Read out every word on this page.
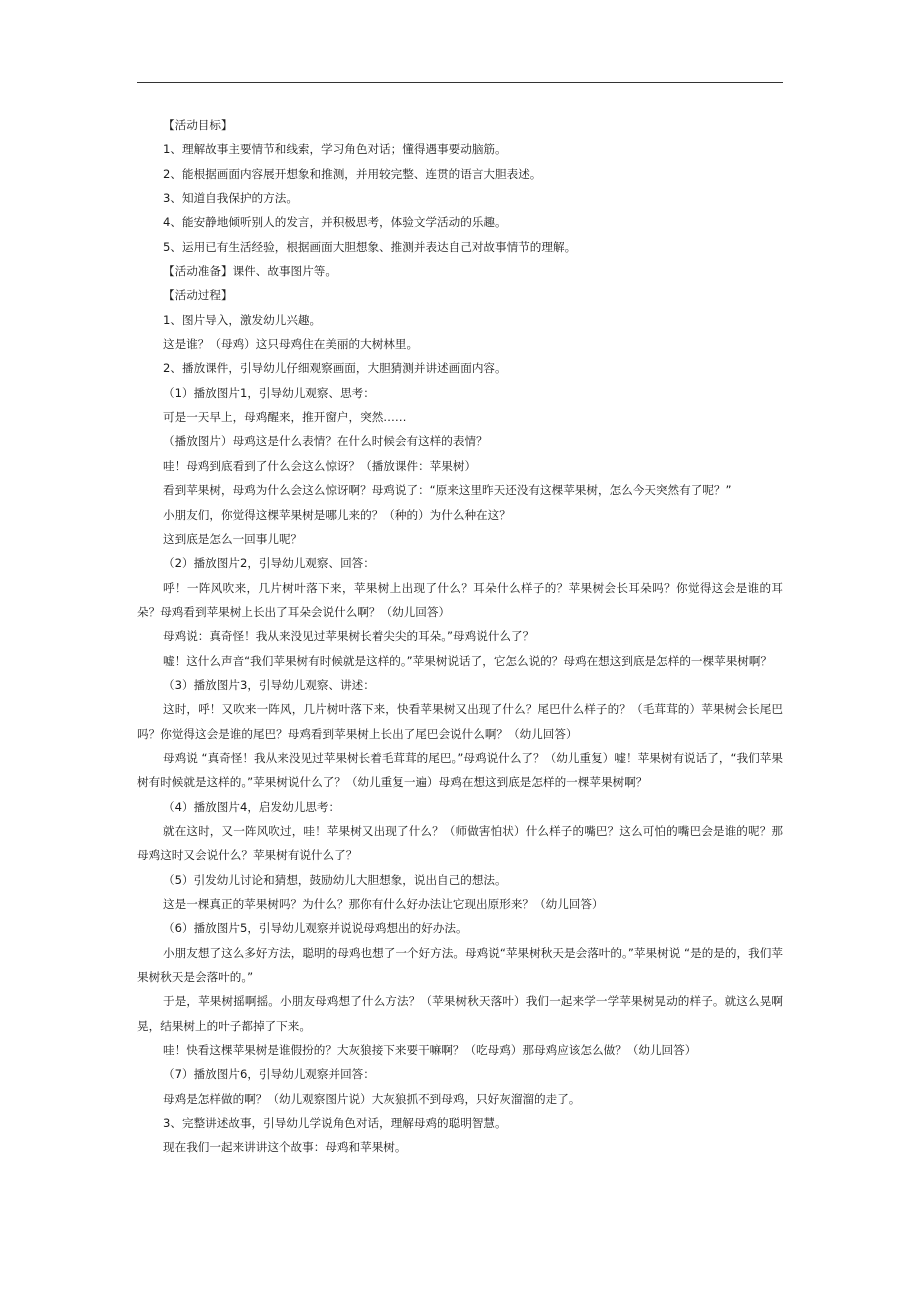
【活动目标】

1、理解故事主要情节和线索，学习角色对话；懂得遇事要动脑筋。

2、能根据画面内容展开想象和推测，并用较完整、连贯的语言大胆表述。

3、知道自我保护的方法。

4、能安静地倾听别人的发言，并积极思考，体验文学活动的乐趣。

5、运用已有生活经验，根据画面大胆想象、推测并表达自己对故事情节的理解。

【活动准备】课件、故事图片等。

【活动过程】

1、图片导入，激发幼儿兴趣。

这是谁？（母鸡）这只母鸡住在美丽的大树林里。

2、播放课件，引导幼儿仔细观察画面，大胆猜测并讲述画面内容。

（1）播放图片1，引导幼儿观察、思考：

可是一天早上，母鸡醒来，推开窗户，突然……

（播放图片）母鸡这是什么表情？在什么时候会有这样的表情？

哇！母鸡到底看到了什么会这么惊讶？（播放课件：苹果树）

看到苹果树，母鸡为什么会这么惊讶啊？母鸡说了：“原来这里昨天还没有这棵苹果树，怎么今天突然有了呢？”

小朋友们，你觉得这棵苹果树是哪儿来的？（种的）为什么种在这？

这到底是怎么一回事儿呢？

（2）播放图片2，引导幼儿观察、回答：

呼！一阵风吹来，几片树叶落下来，苹果树上出现了什么？耳朵什么样子的？苹果树会长耳朵吗？你觉得这会是谁的耳朵？母鸡看到苹果树上长出了耳朵会说什么啊？（幼儿回答）

母鸡说：真奇怪！我从来没见过苹果树长着尖尖的耳朵。”母鸡说什么了？

嘘！这什么声音“我们苹果树有时候就是这样的。”苹果树说话了，它怎么说的？母鸡在想这到底是怎样的一棵苹果树啊？

（3）播放图片3，引导幼儿观察、讲述：

这时，呼！又吹来一阵风，几片树叶落下来，快看苹果树又出现了什么？尾巴什么样子的？（毛茸茸的）苹果树会长尾巴吗？你觉得这会是谁的尾巴？母鸡看到苹果树上长出了尾巴会说什么啊？（幼儿回答）

母鸡说 “真奇怪！我从来没见过苹果树长着毛茸茸的尾巴。”母鸡说什么了？（幼儿重复）嘘！苹果树有说话了，“我们苹果树有时候就是这样的。”苹果树说什么了？（幼儿重复一遍）母鸡在想这到底是怎样的一棵苹果树啊？

（4）播放图片4，启发幼儿思考：

就在这时，又一阵风吹过，哇！苹果树又出现了什么？（师做害怕状）什么样子的嘴巴？这么可怕的嘴巴会是谁的呢？那母鸡这时又会说什么？苹果树有说什么了？

（5）引发幼儿讨论和猜想，鼓励幼儿大胆想象，说出自己的想法。

这是一棵真正的苹果树吗？为什么？那你有什么好办法让它现出原形来？（幼儿回答）

（6）播放图片5，引导幼儿观察并说说母鸡想出的好办法。

小朋友想了这么多好方法，聪明的母鸡也想了一个好方法。母鸡说“苹果树秋天是会落叶的。”苹果树说 “是的是的，我们苹果树秋天是会落叶的。”

于是，苹果树摇啊摇。小朋友母鸡想了什么方法？（苹果树秋天落叶）我们一起来学一学苹果树晃动的样子。就这么晃啊晃，结果树上的叶子都掉了下来。

哇！快看这棵苹果树是谁假扮的？大灰狼接下来要干嘛啊？（吃母鸡）那母鸡应该怎么做？（幼儿回答）

（7）播放图片6，引导幼儿观察并回答：

母鸡是怎样做的啊？（幼儿观察图片说）大灰狼抓不到母鸡，只好灰溜溜的走了。

3、完整讲述故事，引导幼儿学说角色对话，理解母鸡的聪明智慧。

现在我们一起来讲讲这个故事：母鸡和苹果树。
